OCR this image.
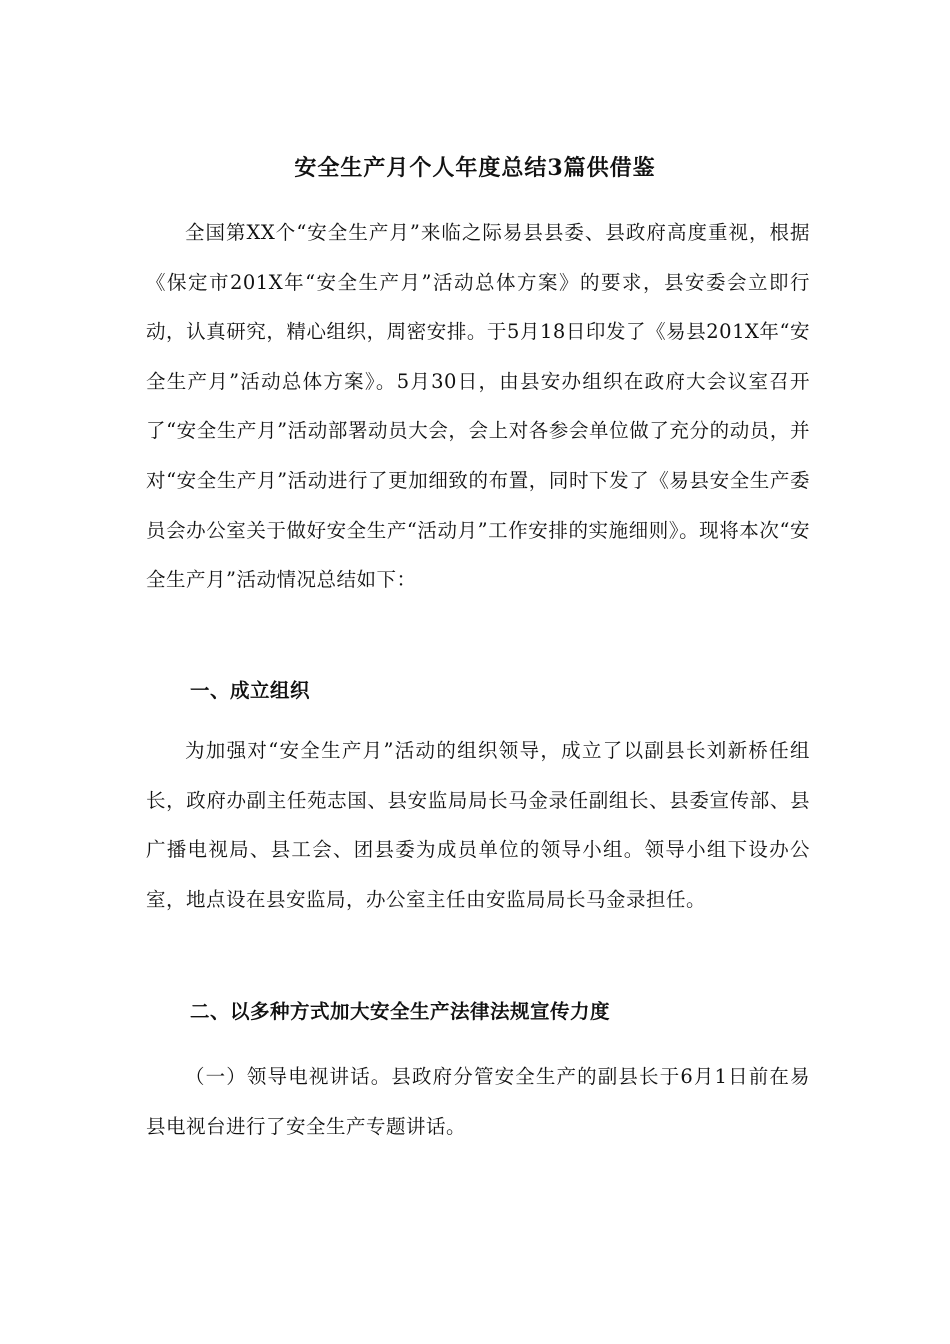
安全生产月个人年度总结3篇供借鉴

全国第XX个“安全生产月”来临之际易县县委、县政府高度重视，根据《保定市201X年“安全生产月”活动总体方案》的要求，县安委会立即行动，认真研究，精心组织，周密安排。于5月18日印发了《易县201X年“安全生产月”活动总体方案》。5月30日，由县安办组织在政府大会议室召开了“安全生产月”活动部署动员大会，会上对各参会单位做了充分的动员，并对“安全生产月”活动进行了更加细致的布置，同时下发了《易县安全生产委员会办公室关于做好安全生产“活动月”工作安排的实施细则》。现将本次“安全生产月”活动情况总结如下：

一、成立组织

为加强对“安全生产月”活动的组织领导，成立了以副县长刘新桥任组长，政府办副主任苑志国、县安监局局长马金录任副组长、县委宣传部、县广播电视局、县工会、团县委为成员单位的领导小组。领导小组下设办公室，地点设在县安监局，办公室主任由安监局局长马金录担任。

二、以多种方式加大安全生产法律法规宣传力度

（一）领导电视讲话。县政府分管安全生产的副县长于6月1日前在易县电视台进行了安全生产专题讲话。
